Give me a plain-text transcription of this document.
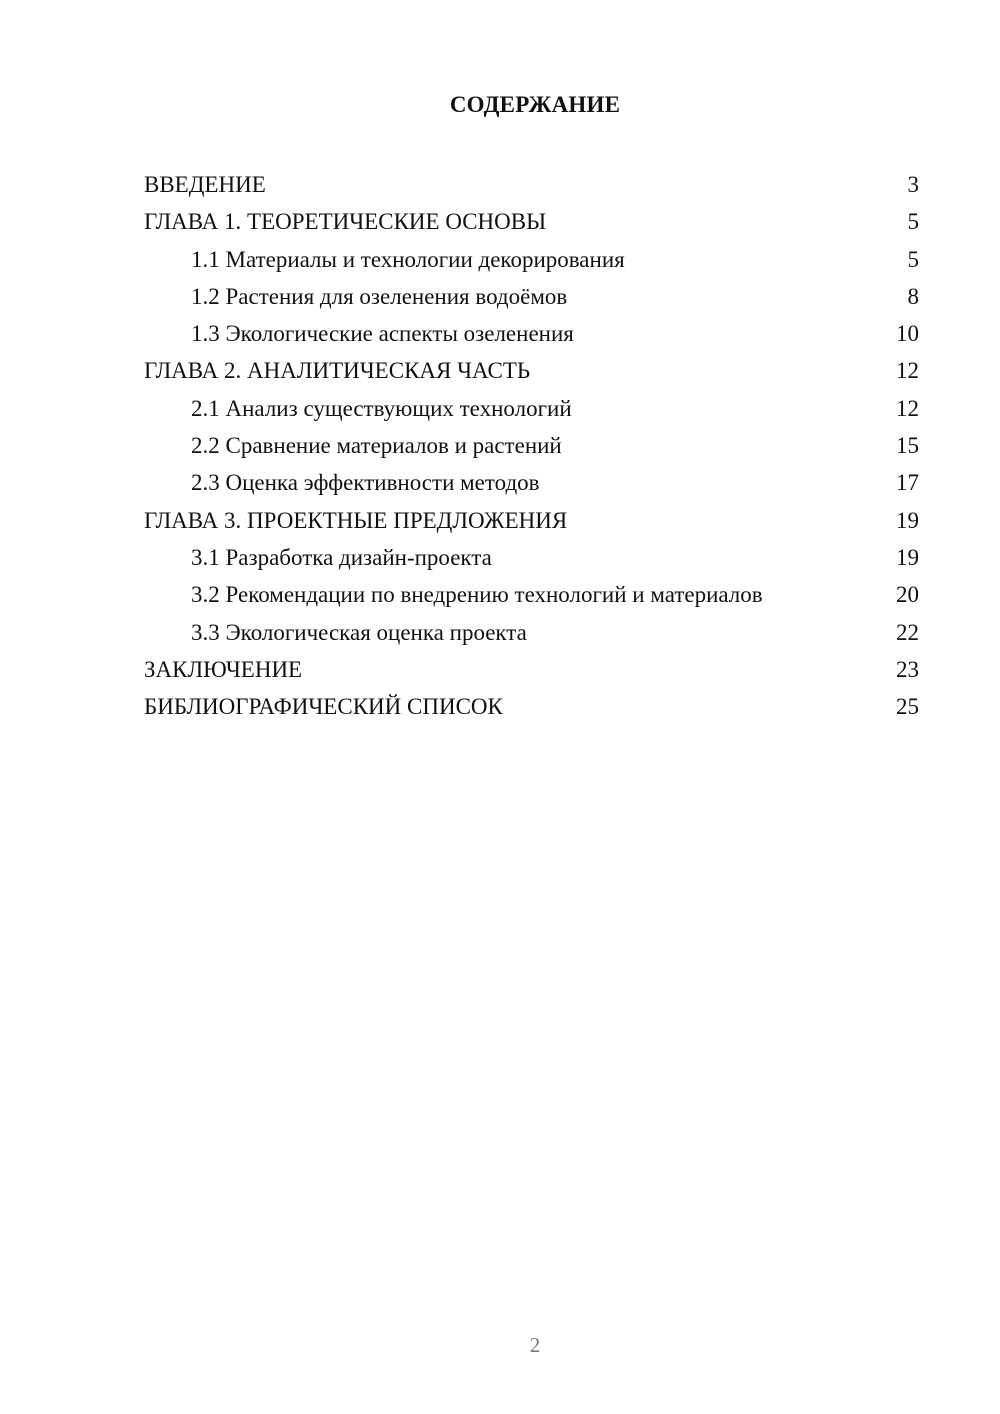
СОДЕРЖАНИЕ
ВВЕДЕНИЕ	3
ГЛАВА 1. ТЕОРЕТИЧЕСКИЕ ОСНОВЫ	5
1.1 Материалы и технологии декорирования	5
1.2 Растения для озеленения водоёмов	8
1.3 Экологические аспекты озеленения	10
ГЛАВА 2. АНАЛИТИЧЕСКАЯ ЧАСТЬ	12
2.1 Анализ существующих технологий	12
2.2 Сравнение материалов и растений	15
2.3 Оценка эффективности методов	17
ГЛАВА 3. ПРОЕКТНЫЕ ПРЕДЛОЖЕНИЯ	19
3.1 Разработка дизайн-проекта	19
3.2 Рекомендации по внедрению технологий и материалов	20
3.3 Экологическая оценка проекта	22
ЗАКЛЮЧЕНИЕ	23
БИБЛИОГРАФИЧЕСКИЙ СПИСОК	25
2
